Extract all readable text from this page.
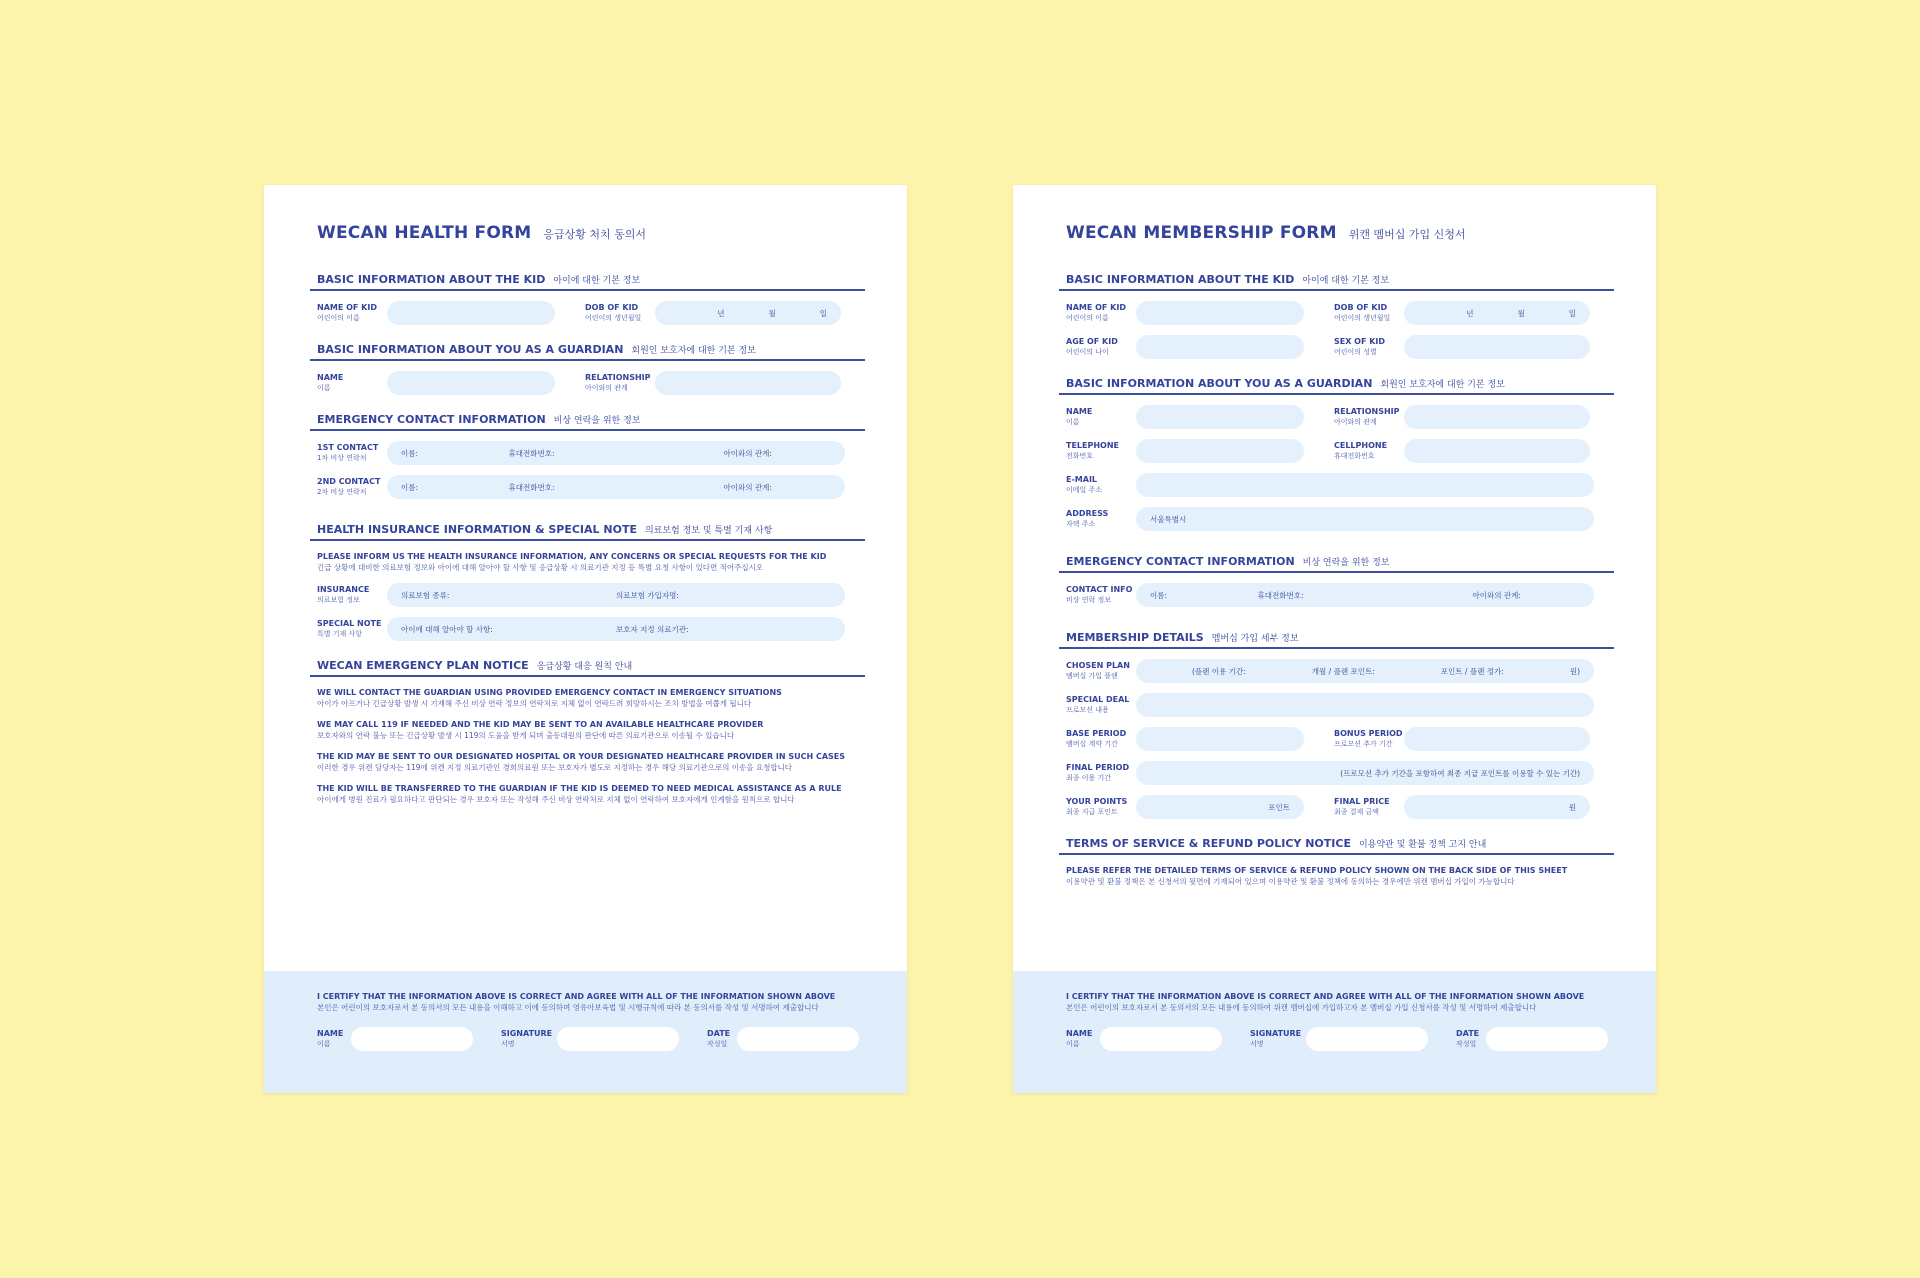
WECAN HEALTH FORM 응급상황 처치 동의서
BASIC INFORMATION ABOUT THE KID 아이에 대한 기본 정보
NAME OF KID
어린이의 이름
DOB OF KID
어린이의 생년월일
년	월	일
BASIC INFORMATION ABOUT YOU AS A GUARDIAN 회원인 보호자에 대한 기본 정보
NAME
이름
RELATIONSHIP
아이와의 관계
EMERGENCY CONTACT INFORMATION 비상 연락을 위한 정보
1ST CONTACT
1차 비상 연락처
이름:	휴대전화번호:	아이와의 관계:
2ND CONTACT
2차 비상 연락처
이름:	휴대전화번호:	아이와의 관계:
HEALTH INSURANCE INFORMATION & SPECIAL NOTE 의료보험 정보 및 특별 기재 사항
PLEASE INFORM US THE HEALTH INSURANCE INFORMATION, ANY CONCERNS OR SPECIAL REQUESTS FOR THE KID
긴급 상황에 대비한 의료보험 정보와 아이에 대해 알아야 할 사항 및 응급상황 시 의료기관 지정 등 특별 요청 사항이 있다면 적어주십시오
INSURANCE
의료보험 정보
의료보험 종류:	의료보험 가입자명:
SPECIAL NOTE
특별 기재 사항
아이에 대해 알아야 할 사항:	보호자 지정 의료기관:
WECAN EMERGENCY PLAN NOTICE 응급상황 대응 원칙 안내
WE WILL CONTACT THE GUARDIAN USING PROVIDED EMERGENCY CONTACT IN EMERGENCY SITUATIONS
아이가 아프거나 긴급상황 발생 시 기재해 주신 비상 연락 정보의 연락처로 지체 없이 연락드려 희망하시는 조치 방법을 여쭙게 됩니다
WE MAY CALL 119 IF NEEDED AND THE KID MAY BE SENT TO AN AVAILABLE HEALTHCARE PROVIDER
보호자와의 연락 불능 또는 긴급상황 발생 시 119의 도움을 받게 되며 출동대원의 판단에 따른 의료기관으로 이송될 수 있습니다
THE KID MAY BE SENT TO OUR DESIGNATED HOSPITAL OR YOUR DESIGNATED HEALTHCARE PROVIDER IN SUCH CASES
이러한 경우 위캔 담당자는 119에 위캔 지정 의료기관인 경희의료원 또는 보호자가 별도로 지정하는 경우 해당 의료기관으로의 이송을 요청합니다
THE KID WILL BE TRANSFERRED TO THE GUARDIAN IF THE KID IS DEEMED TO NEED MEDICAL ASSISTANCE AS A RULE
아이에게 병원 진료가 필요하다고 판단되는 경우 보호자 또는 작성해 주신 비상 연락처로 지체 없이 연락하여 보호자에게 인계함을 원칙으로 합니다
I CERTIFY THAT THE INFORMATION ABOVE IS CORRECT AND AGREE WITH ALL OF THE INFORMATION SHOWN ABOVE
본인은 어린이의 보호자로서 본 동의서의 모든 내용을 이해하고 이에 동의하며 영유아보육법 및 시행규칙에 따라 본 동의서를 작성 및 서명하여 제출합니다
NAME
이름
SIGNATURE
서명
DATE
작성일
WECAN MEMBERSHIP FORM 위캔 멤버십 가입 신청서
BASIC INFORMATION ABOUT THE KID 아이에 대한 기본 정보
NAME OF KID
어린이의 이름
DOB OF KID
어린이의 생년월일
년	월	일
AGE OF KID
어린이의 나이
SEX OF KID
어린이의 성별
BASIC INFORMATION ABOUT YOU AS A GUARDIAN 회원인 보호자에 대한 기본 정보
NAME
이름
RELATIONSHIP
아이와의 관계
TELEPHONE
전화번호
CELLPHONE
휴대전화번호
E-MAIL
이메일 주소
ADDRESS
자택 주소
서울특별시
EMERGENCY CONTACT INFORMATION 비상 연락을 위한 정보
CONTACT INFO
비상 연락 정보
이름:	휴대전화번호:	아이와의 관계:
MEMBERSHIP DETAILS 멤버십 가입 세부 정보
CHOSEN PLAN
멤버십 가입 플랜
(플랜 이용 기간:	개월 / 플랜 포인트:	포인트 / 플랜 정가:	원)
SPECIAL DEAL
프로모션 내용
BASE PERIOD
멤버십 계약 기간
BONUS PERIOD
프로모션 추가 기간
FINAL PERIOD
최종 이용 기간
(프로모션 추가 기간을 포함하여 최종 지급 포인트를 이용할 수 있는 기간)
YOUR POINTS
최종 지급 포인트
포인트
FINAL PRICE
최종 결제 금액
원
TERMS OF SERVICE & REFUND POLICY NOTICE 이용약관 및 환불 정책 고지 안내
PLEASE REFER THE DETAILED TERMS OF SERVICE & REFUND POLICY SHOWN ON THE BACK SIDE OF THIS SHEET
이용약관 및 환불 정책은 본 신청서의 뒷면에 기재되어 있으며 이용약관 및 환불 정책에 동의하는 경우에만 위캔 멤버십 가입이 가능합니다
I CERTIFY THAT THE INFORMATION ABOVE IS CORRECT AND AGREE WITH ALL OF THE INFORMATION SHOWN ABOVE
본인은 어린이의 보호자로서 본 동의서의 모든 내용에 동의하여 위캔 멤버십에 가입하고자 본 멤버십 가입 신청서를 작성 및 서명하여 제출합니다
NAME
이름
SIGNATURE
서명
DATE
작성일
